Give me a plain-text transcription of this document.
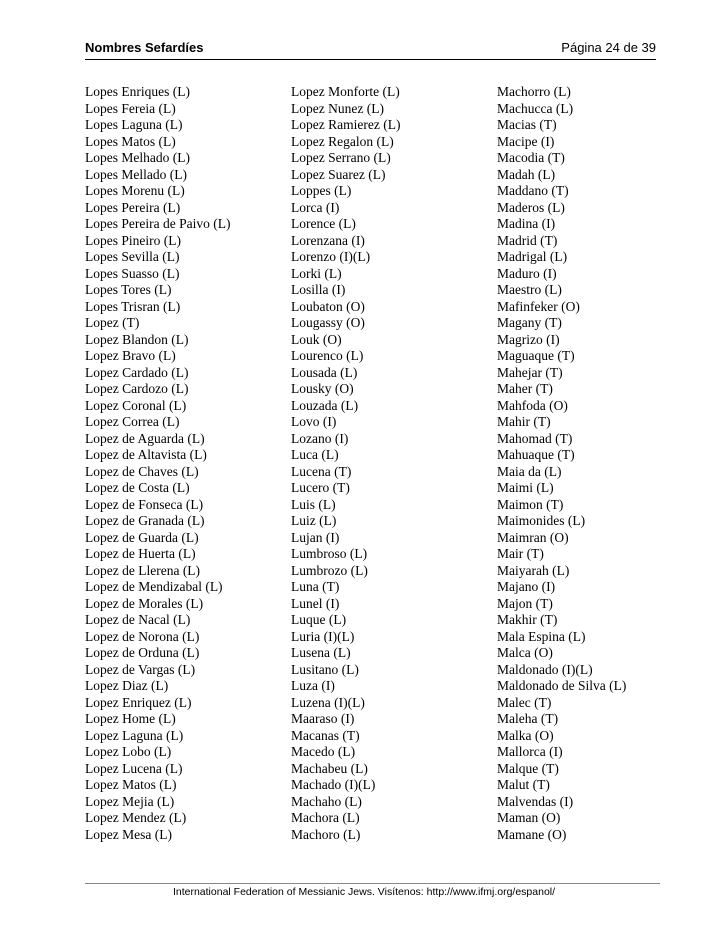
Nombres Sefardíes	Página 24 de 39
Lopes Enriques (L)
Lopes Fereia (L)
Lopes Laguna (L)
Lopes Matos (L)
Lopes Melhado (L)
Lopes Mellado (L)
Lopes Morenu (L)
Lopes Pereira (L)
Lopes Pereira de Paivo (L)
Lopes Pineiro (L)
Lopes Sevilla (L)
Lopes Suasso (L)
Lopes Tores (L)
Lopes Trisran (L)
Lopez (T)
Lopez Blandon (L)
Lopez Bravo (L)
Lopez Cardado (L)
Lopez Cardozo (L)
Lopez Coronal (L)
Lopez Correa (L)
Lopez de Aguarda (L)
Lopez de Altavista (L)
Lopez de Chaves (L)
Lopez de Costa (L)
Lopez de Fonseca (L)
Lopez de Granada (L)
Lopez de Guarda (L)
Lopez de Huerta (L)
Lopez de Llerena (L)
Lopez de Mendizabal (L)
Lopez de Morales (L)
Lopez de Nacal (L)
Lopez de Norona (L)
Lopez de Orduna (L)
Lopez de Vargas (L)
Lopez Diaz (L)
Lopez Enriquez (L)
Lopez Home (L)
Lopez Laguna (L)
Lopez Lobo (L)
Lopez Lucena (L)
Lopez Matos (L)
Lopez Mejia (L)
Lopez Mendez (L)
Lopez Mesa (L)
Lopez Monforte (L)
Lopez Nunez (L)
Lopez Ramierez (L)
Lopez Regalon (L)
Lopez Serrano (L)
Lopez Suarez (L)
Loppes (L)
Lorca (I)
Lorence (L)
Lorenzana (I)
Lorenzo (I)(L)
Lorki (L)
Losilla (I)
Loubaton (O)
Lougassy (O)
Louk (O)
Lourenco (L)
Lousada (L)
Lousky (O)
Louzada (L)
Lovo (I)
Lozano (I)
Luca (L)
Lucena (T)
Lucero (T)
Luis (L)
Luiz (L)
Lujan (I)
Lumbroso (L)
Lumbrozo (L)
Luna (T)
Lunel (I)
Luque (L)
Luria (I)(L)
Lusena (L)
Lusitano (L)
Luza (I)
Luzena (I)(L)
Maaraso (I)
Macanas (T)
Macedo (L)
Machabeu (L)
Machado (I)(L)
Machaho (L)
Machora (L)
Machoro (L)
Machorro (L)
Machucca (L)
Macias (T)
Macipe (I)
Macodia (T)
Madah (L)
Maddano (T)
Maderos (L)
Madina (I)
Madrid (T)
Madrigal (L)
Maduro (I)
Maestro (L)
Mafinfeker (O)
Magany (T)
Magrizo (I)
Maguaque (T)
Mahejar (T)
Maher (T)
Mahfoda (O)
Mahir (T)
Mahomad (T)
Mahuaque (T)
Maia da (L)
Maimi (L)
Maimon (T)
Maimonides (L)
Maimran (O)
Mair (T)
Maiyarah (L)
Majano (I)
Majon (T)
Makhir (T)
Mala Espina (L)
Malca (O)
Maldonado (I)(L)
Maldonado de Silva (L)
Malec (T)
Maleha (T)
Malka (O)
Mallorca (I)
Malque (T)
Malut (T)
Malvendas (I)
Maman (O)
Mamane (O)
International Federation of Messianic Jews. Visítenos: http://www.ifmj.org/espanol/
